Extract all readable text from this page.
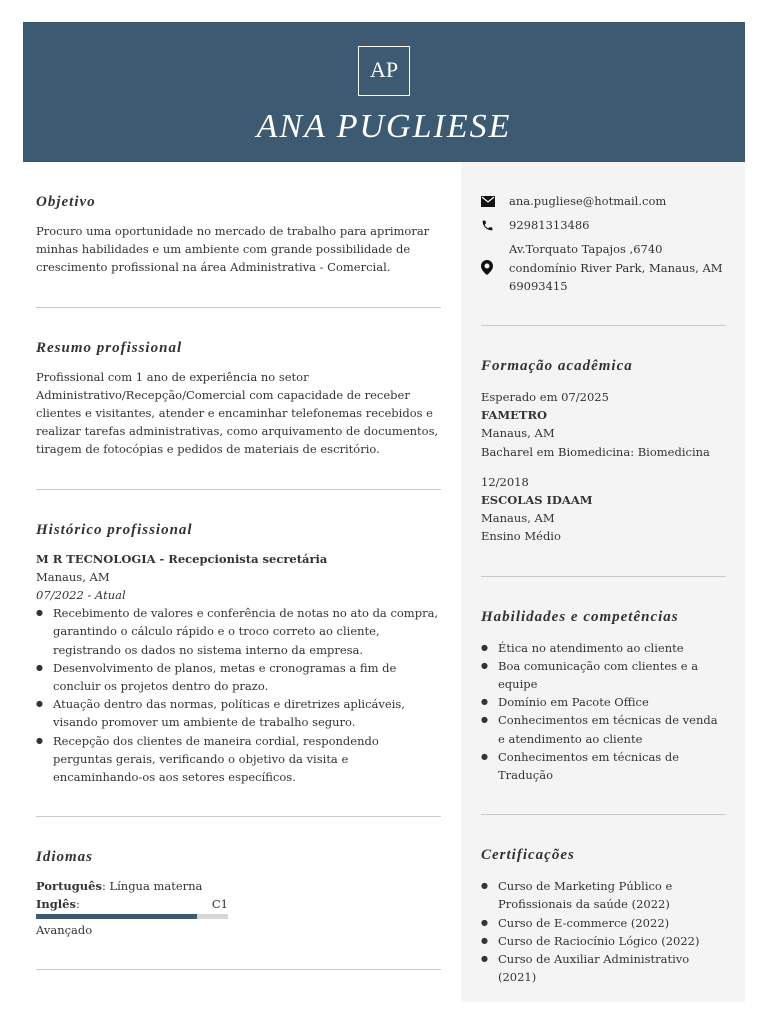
AP
ANA PUGLIESE
Objetivo
Procuro uma oportunidade no mercado de trabalho para aprimorar minhas habilidades e um ambiente com grande possibilidade de crescimento profissional na área Administrativa - Comercial.
Resumo profissional
Profissional com 1 ano de experiência no setor Administrativo/Recepção/Comercial com capacidade de receber clientes e visitantes, atender e encaminhar telefonemas recebidos e realizar tarefas administrativas, como arquivamento de documentos, tiragem de fotocópias e pedidos de materiais de escritório.
Histórico profissional
M R TECNOLOGIA - Recepcionista secretária
Manaus, AM
07/2022 - Atual
● Recebimento de valores e conferência de notas no ato da compra, garantindo o cálculo rápido e o troco correto ao cliente, registrando os dados no sistema interno da empresa.
● Desenvolvimento de planos, metas e cronogramas a fim de concluir os projetos dentro do prazo.
● Atuação dentro das normas, políticas e diretrizes aplicáveis, visando promover um ambiente de trabalho seguro.
● Recepção dos clientes de maneira cordial, respondendo perguntas gerais, verificando o objetivo da visita e encaminhando-os aos setores específicos.
Idiomas
Português: Língua materna
Inglês:	C1
Avançado
ana.pugliese@hotmail.com
92981313486
Av.Torquato Tapajos ,6740
condomínio River Park, Manaus, AM
69093415
Formação acadêmica
Esperado em 07/2025
FAMETRO
Manaus, AM
Bacharel em Biomedicina: Biomedicina
12/2018
ESCOLAS IDAAM
Manaus, AM
Ensino Médio
Habilidades e competências
● Ética no atendimento ao cliente
● Boa comunicação com clientes e a equipe
● Domínio em Pacote Office
● Conhecimentos em técnicas de venda e atendimento ao cliente
● Conhecimentos em técnicas de Tradução
Certificações
● Curso de Marketing Público e Profissionais da saúde (2022)
● Curso de E-commerce (2022)
● Curso de Raciocínio Lógico (2022)
● Curso de Auxiliar Administrativo (2021)
